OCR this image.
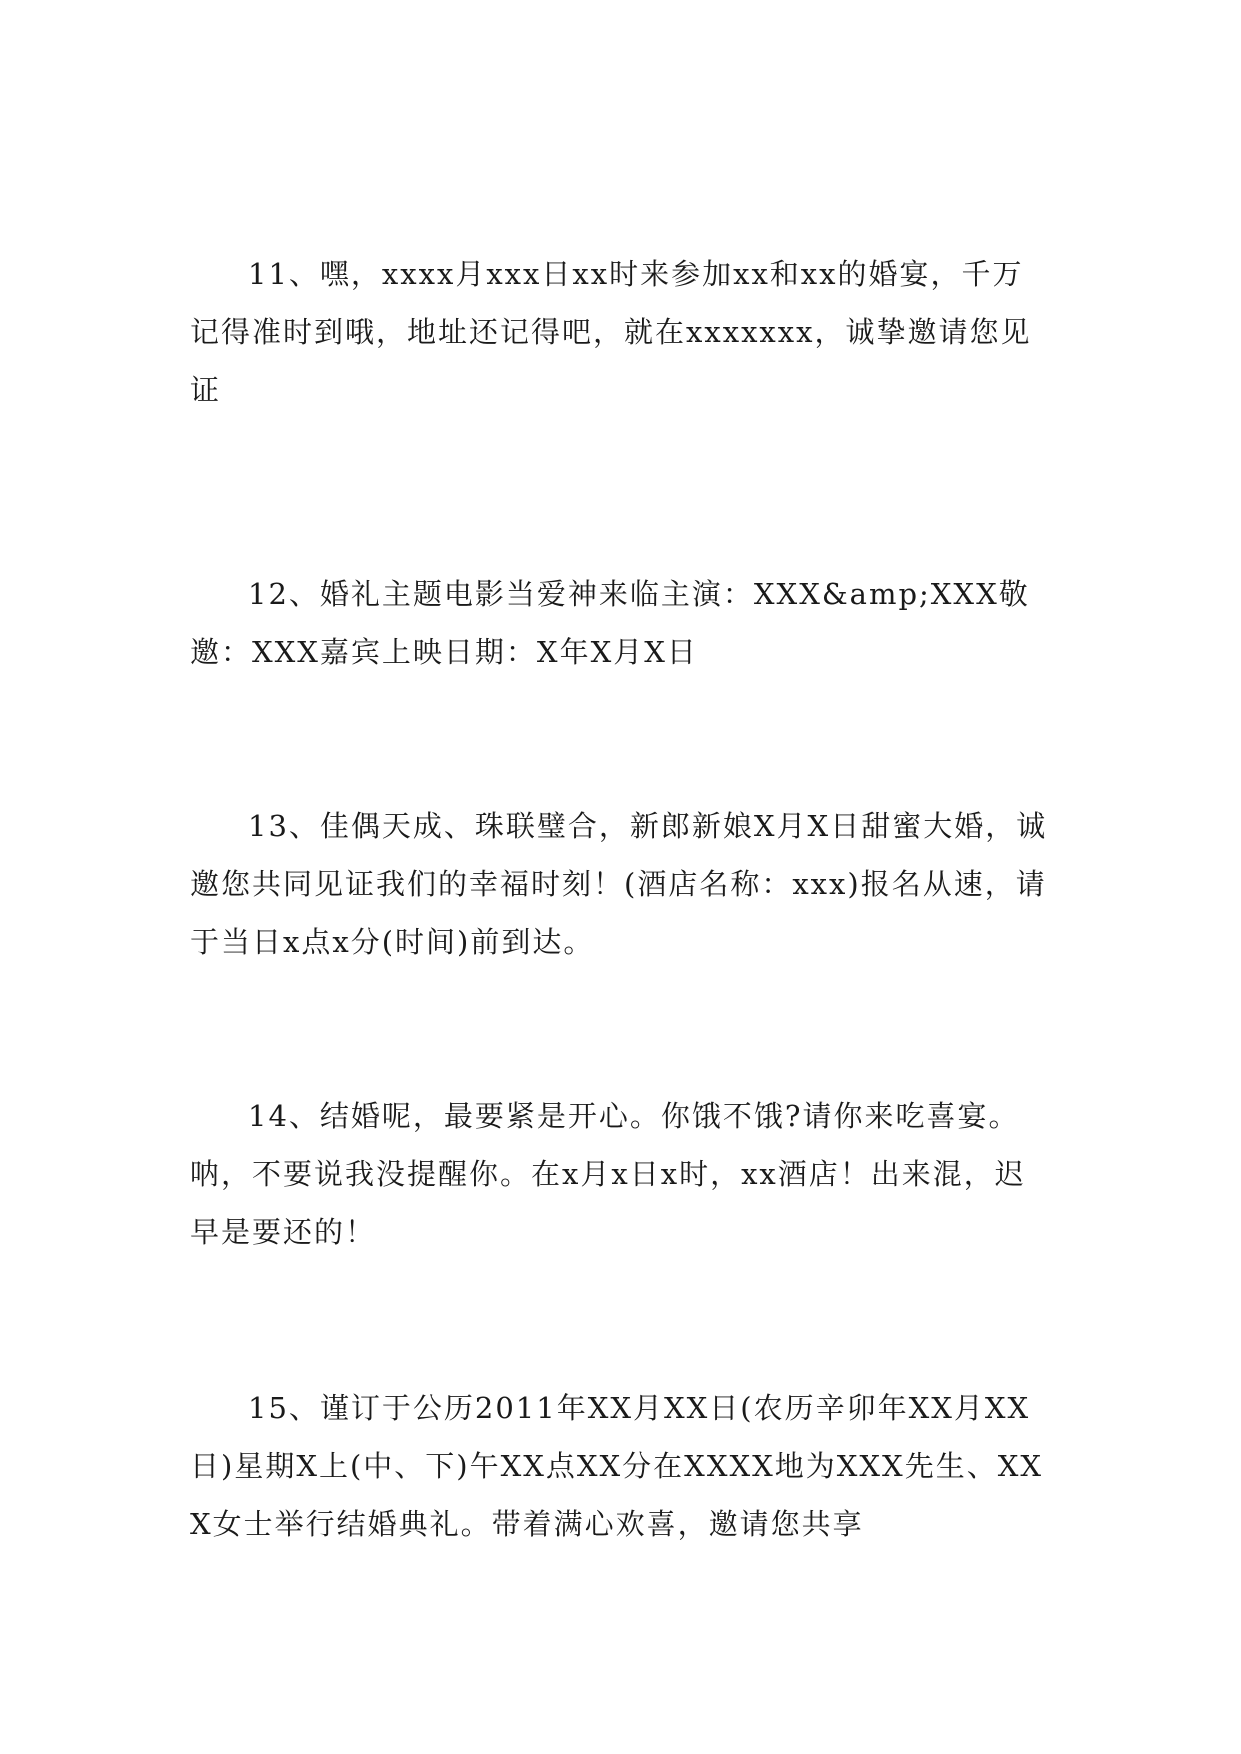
11、嘿，xxxx月xxx日xx时来参加xx和xx的婚宴，千万记得准时到哦，地址还记得吧，就在xxxxxxx，诚挚邀请您见证

12、婚礼主题电影当爱神来临主演：XXX&amp;XXX敬邀：XXX嘉宾上映日期：X年X月X日

13、佳偶天成、珠联璧合，新郎新娘X月X日甜蜜大婚，诚邀您共同见证我们的幸福时刻！(酒店名称：xxx)报名从速，请于当日x点x分(时间)前到达。

14、结婚呢，最要紧是开心。你饿不饿?请你来吃喜宴。呐，不要说我没提醒你。在x月x日x时，xx酒店！出来混，迟早是要还的！

15、谨订于公历2011年XX月XX日(农历辛卯年XX月XX日)星期X上(中、下)午XX点XX分在XXXX地为XXX先生、XXX女士举行结婚典礼。带着满心欢喜，邀请您共享
